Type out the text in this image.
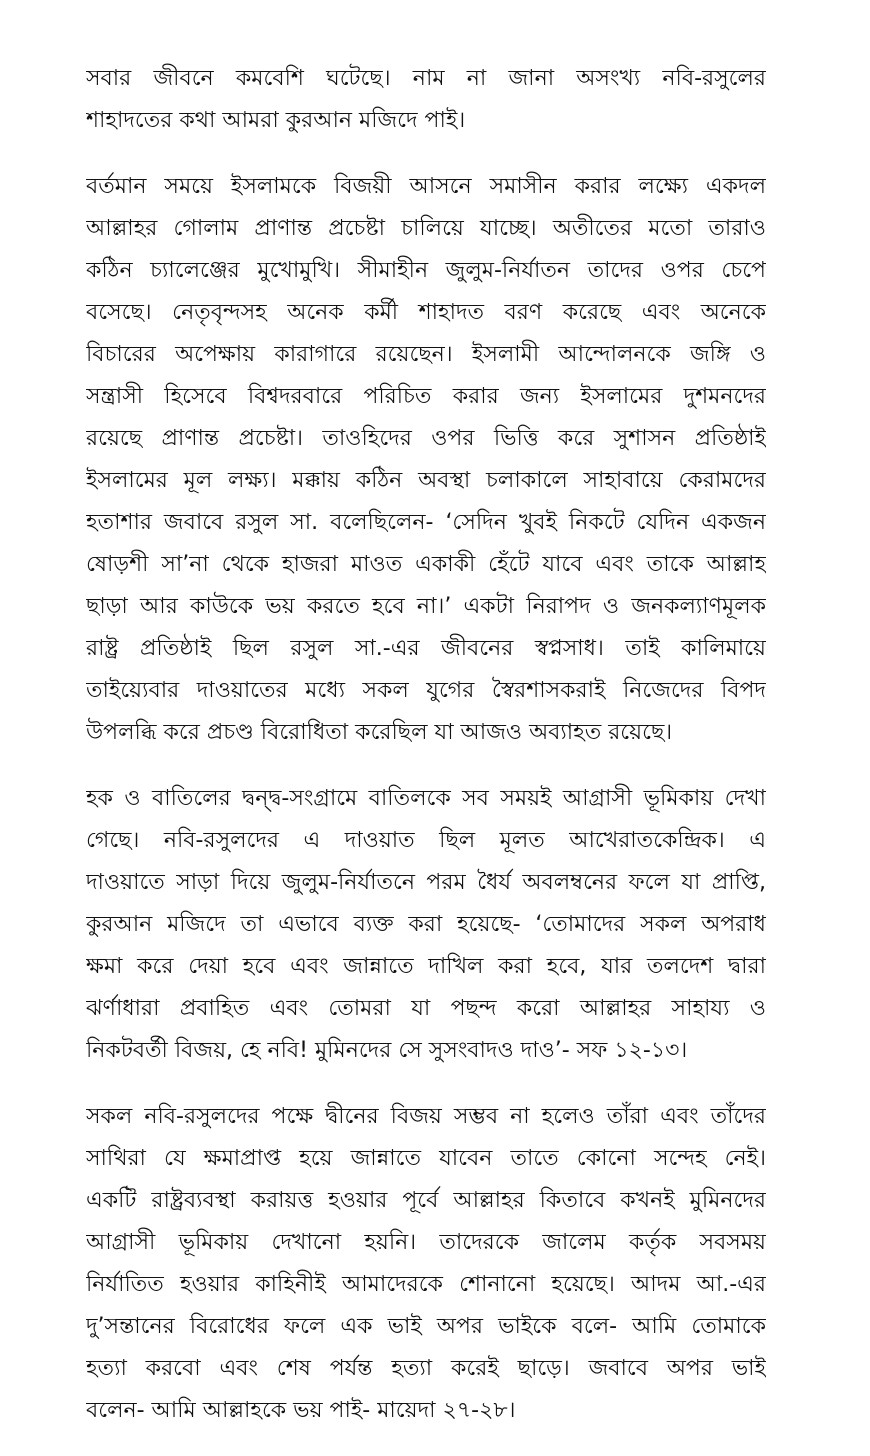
সবার জীবনে কমবেশি ঘটেছে। নাম না জানা অসংখ্য নবি-রসুলের
শাহাদতের কথা আমরা কুরআন মজিদে পাই।
বর্তমান সময়ে ইসলামকে বিজয়ী আসনে সমাসীন করার লক্ষ্যে একদল
আল্লাহর গোলাম প্রাণান্ত প্রচেষ্টা চালিয়ে যাচ্ছে। অতীতের মতো তারাও
কঠিন চ্যালেঞ্জের মুখোমুখি। সীমাহীন জুলুম-নির্যাতন তাদের ওপর চেপে
বসেছে। নেতৃবৃন্দসহ অনেক কর্মী শাহাদত বরণ করেছে এবং অনেকে
বিচারের অপেক্ষায় কারাগারে রয়েছেন। ইসলামী আন্দোলনকে জঙ্গি ও
সন্ত্রাসী হিসেবে বিশ্বদরবারে পরিচিত করার জন্য ইসলামের দুশমনদের
রয়েছে প্রাণান্ত প্রচেষ্টা। তাওহিদের ওপর ভিত্তি করে সুশাসন প্রতিষ্ঠাই
ইসলামের মূল লক্ষ্য। মক্কায় কঠিন অবস্থা চলাকালে সাহাবায়ে কেরামদের
হতাশার জবাবে রসুল সা. বলেছিলেন- ‘সেদিন খুবই নিকটে যেদিন একজন
ষোড়শী সা’না থেকে হাজরা মাওত একাকী হেঁটে যাবে এবং তাকে আল্লাহ
ছাড়া আর কাউকে ভয় করতে হবে না।’ একটা নিরাপদ ও জনকল্যাণমূলক
রাষ্ট্র প্রতিষ্ঠাই ছিল রসুল সা.-এর জীবনের স্বপ্নসাধ। তাই কালিমায়ে
তাইয়্যেবার দাওয়াতের মধ্যে সকল যুগের স্বৈরশাসকরাই নিজেদের বিপদ
উপলব্ধি করে প্রচণ্ড বিরোধিতা করেছিল যা আজও অব্যাহত রয়েছে।
হক ও বাতিলের দ্বন্দ্ব-সংগ্রামে বাতিলকে সব সময়ই আগ্রাসী ভূমিকায় দেখা
গেছে। নবি-রসুলদের এ দাওয়াত ছিল মূলত আখেরাতকেন্দ্রিক। এ
দাওয়াতে সাড়া দিয়ে জুলুম-নির্যাতনে পরম ধৈর্য অবলম্বনের ফলে যা প্রাপ্তি,
কুরআন মজিদে তা এভাবে ব্যক্ত করা হয়েছে- ‘তোমাদের সকল অপরাধ
ক্ষমা করে দেয়া হবে এবং জান্নাতে দাখিল করা হবে, যার তলদেশ দ্বারা
ঝর্ণাধারা প্রবাহিত এবং তোমরা যা পছন্দ করো আল্লাহর সাহায্য ও
নিকটবর্তী বিজয়, হে নবি! মুমিনদের সে সুসংবাদও দাও’- সফ ১২-১৩।
সকল নবি-রসুলদের পক্ষে দ্বীনের বিজয় সম্ভব না হলেও তাঁরা এবং তাঁদের
সাথিরা যে ক্ষমাপ্রাপ্ত হয়ে জান্নাতে যাবেন তাতে কোনো সন্দেহ নেই।
একটি রাষ্ট্রব্যবস্থা করায়ত্ত হওয়ার পূর্বে আল্লাহর কিতাবে কখনই মুমিনদের
আগ্রাসী ভূমিকায় দেখানো হয়নি। তাদেরকে জালেম কর্তৃক সবসময়
নির্যাতিত হওয়ার কাহিনীই আমাদেরকে শোনানো হয়েছে। আদম আ.-এর
দু’সন্তানের বিরোধের ফলে এক ভাই অপর ভাইকে বলে- আমি তোমাকে
হত্যা করবো এবং শেষ পর্যন্ত হত্যা করেই ছাড়ে। জবাবে অপর ভাই
বলেন- আমি আল্লাহকে ভয় পাই- মায়েদা ২৭-২৮।
